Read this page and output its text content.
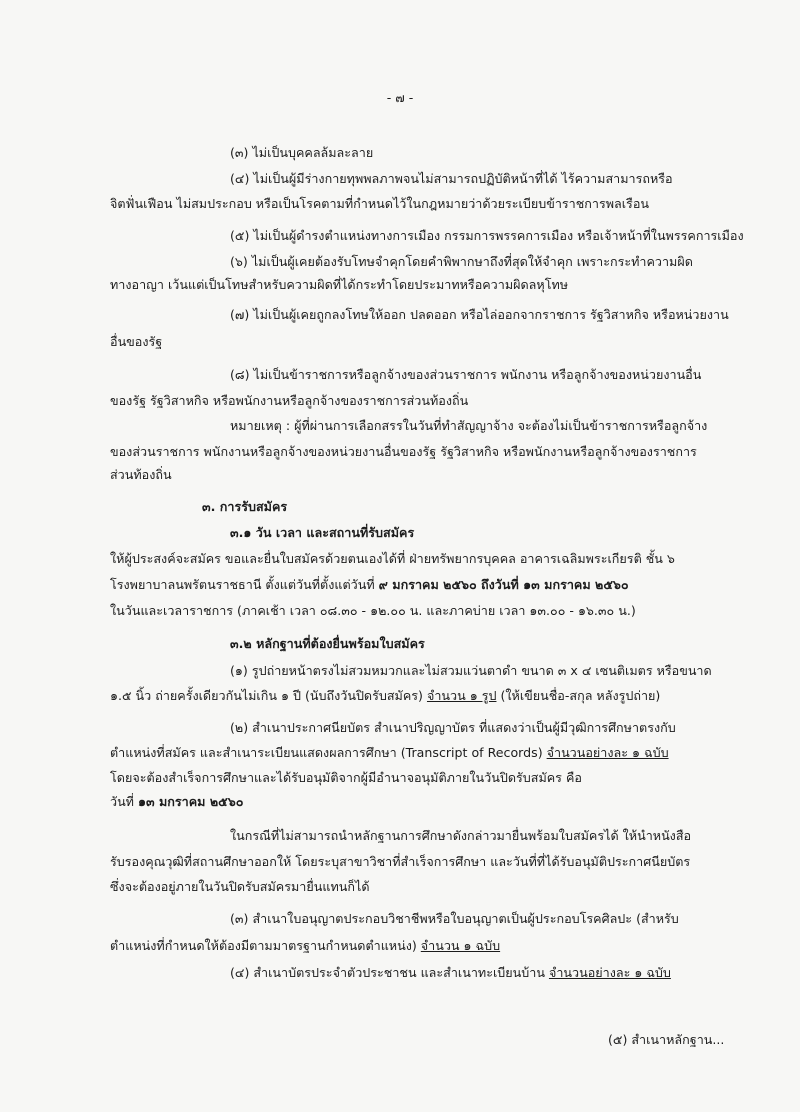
- ๗ -
(๓) ไม่เป็นบุคคลล้มละลาย
(๔) ไม่เป็นผู้มีร่างกายทุพพลภาพจนไม่สามารถปฏิบัติหน้าที่ได้ ไร้ความสามารถหรือ
จิตฟั่นเฟือน ไม่สมประกอบ หรือเป็นโรคตามที่กำหนดไว้ในกฎหมายว่าด้วยระเบียบข้าราชการพลเรือน
(๕) ไม่เป็นผู้ดำรงตำแหน่งทางการเมือง กรรมการพรรคการเมือง หรือเจ้าหน้าที่ในพรรคการเมือง
(๖) ไม่เป็นผู้เคยต้องรับโทษจำคุกโดยคำพิพากษาถึงที่สุดให้จำคุก เพราะกระทำความผิด
ทางอาญา เว้นแต่เป็นโทษสำหรับความผิดที่ได้กระทำโดยประมาทหรือความผิดลหุโทษ
(๗) ไม่เป็นผู้เคยถูกลงโทษให้ออก ปลดออก หรือไล่ออกจากราชการ รัฐวิสาหกิจ หรือหน่วยงาน
อื่นของรัฐ
(๘) ไม่เป็นข้าราชการหรือลูกจ้างของส่วนราชการ พนักงาน หรือลูกจ้างของหน่วยงานอื่น
ของรัฐ รัฐวิสาหกิจ หรือพนักงานหรือลูกจ้างของราชการส่วนท้องถิ่น
หมายเหตุ : ผู้ที่ผ่านการเลือกสรรในวันที่ทำสัญญาจ้าง จะต้องไม่เป็นข้าราชการหรือลูกจ้าง
ของส่วนราชการ พนักงานหรือลูกจ้างของหน่วยงานอื่นของรัฐ รัฐวิสาหกิจ หรือพนักงานหรือลูกจ้างของราชการ
ส่วนท้องถิ่น
๓. การรับสมัคร
๓.๑ วัน เวลา และสถานที่รับสมัคร
ให้ผู้ประสงค์จะสมัคร ขอและยื่นใบสมัครด้วยตนเองได้ที่ ฝ่ายทรัพยากรบุคคล อาคารเฉลิมพระเกียรติ ชั้น ๖
โรงพยาบาลนพรัตนราชธานี ตั้งแต่วันที่ตั้งแต่วันที่ ๙ มกราคม ๒๕๖๐ ถึงวันที่ ๑๓ มกราคม ๒๕๖๐
ในวันและเวลาราชการ (ภาคเช้า เวลา ๐๘.๓๐ - ๑๒.๐๐ น. และภาคบ่าย เวลา ๑๓.๐๐ - ๑๖.๓๐ น.)
๓.๒ หลักฐานที่ต้องยื่นพร้อมใบสมัคร
(๑) รูปถ่ายหน้าตรงไม่สวมหมวกและไม่สวมแว่นตาดำ ขนาด ๓ x ๔ เซนติเมตร หรือขนาด
๑.๕ นิ้ว ถ่ายครั้งเดียวกันไม่เกิน ๑ ปี (นับถึงวันปิดรับสมัคร) จำนวน ๑ รูป (ให้เขียนชื่อ-สกุล หลังรูปถ่าย)
(๒) สำเนาประกาศนียบัตร สำเนาปริญญาบัตร ที่แสดงว่าเป็นผู้มีวุฒิการศึกษาตรงกับ
ตำแหน่งที่สมัคร และสำเนาระเบียนแสดงผลการศึกษา (Transcript of Records) จำนวนอย่างละ ๑ ฉบับ
โดยจะต้องสำเร็จการศึกษาและได้รับอนุมัติจากผู้มีอำนาจอนุมัติภายในวันปิดรับสมัคร คือ
วันที่ ๑๓ มกราคม ๒๕๖๐
ในกรณีที่ไม่สามารถนำหลักฐานการศึกษาดังกล่าวมายื่นพร้อมใบสมัครได้ ให้นำหนังสือ
รับรองคุณวุฒิที่สถานศึกษาออกให้ โดยระบุสาขาวิชาที่สำเร็จการศึกษา และวันที่ที่ได้รับอนุมัติประกาศนียบัตร
ซึ่งจะต้องอยู่ภายในวันปิดรับสมัครมายื่นแทนก็ได้
(๓) สำเนาใบอนุญาตประกอบวิชาชีพหรือใบอนุญาตเป็นผู้ประกอบโรคศิลปะ (สำหรับ
ตำแหน่งที่กำหนดให้ต้องมีตามมาตรฐานกำหนดตำแหน่ง) จำนวน ๑ ฉบับ
(๔) สำเนาบัตรประจำตัวประชาชน และสำเนาทะเบียนบ้าน จำนวนอย่างละ ๑ ฉบับ
(๕) สำเนาหลักฐาน...
